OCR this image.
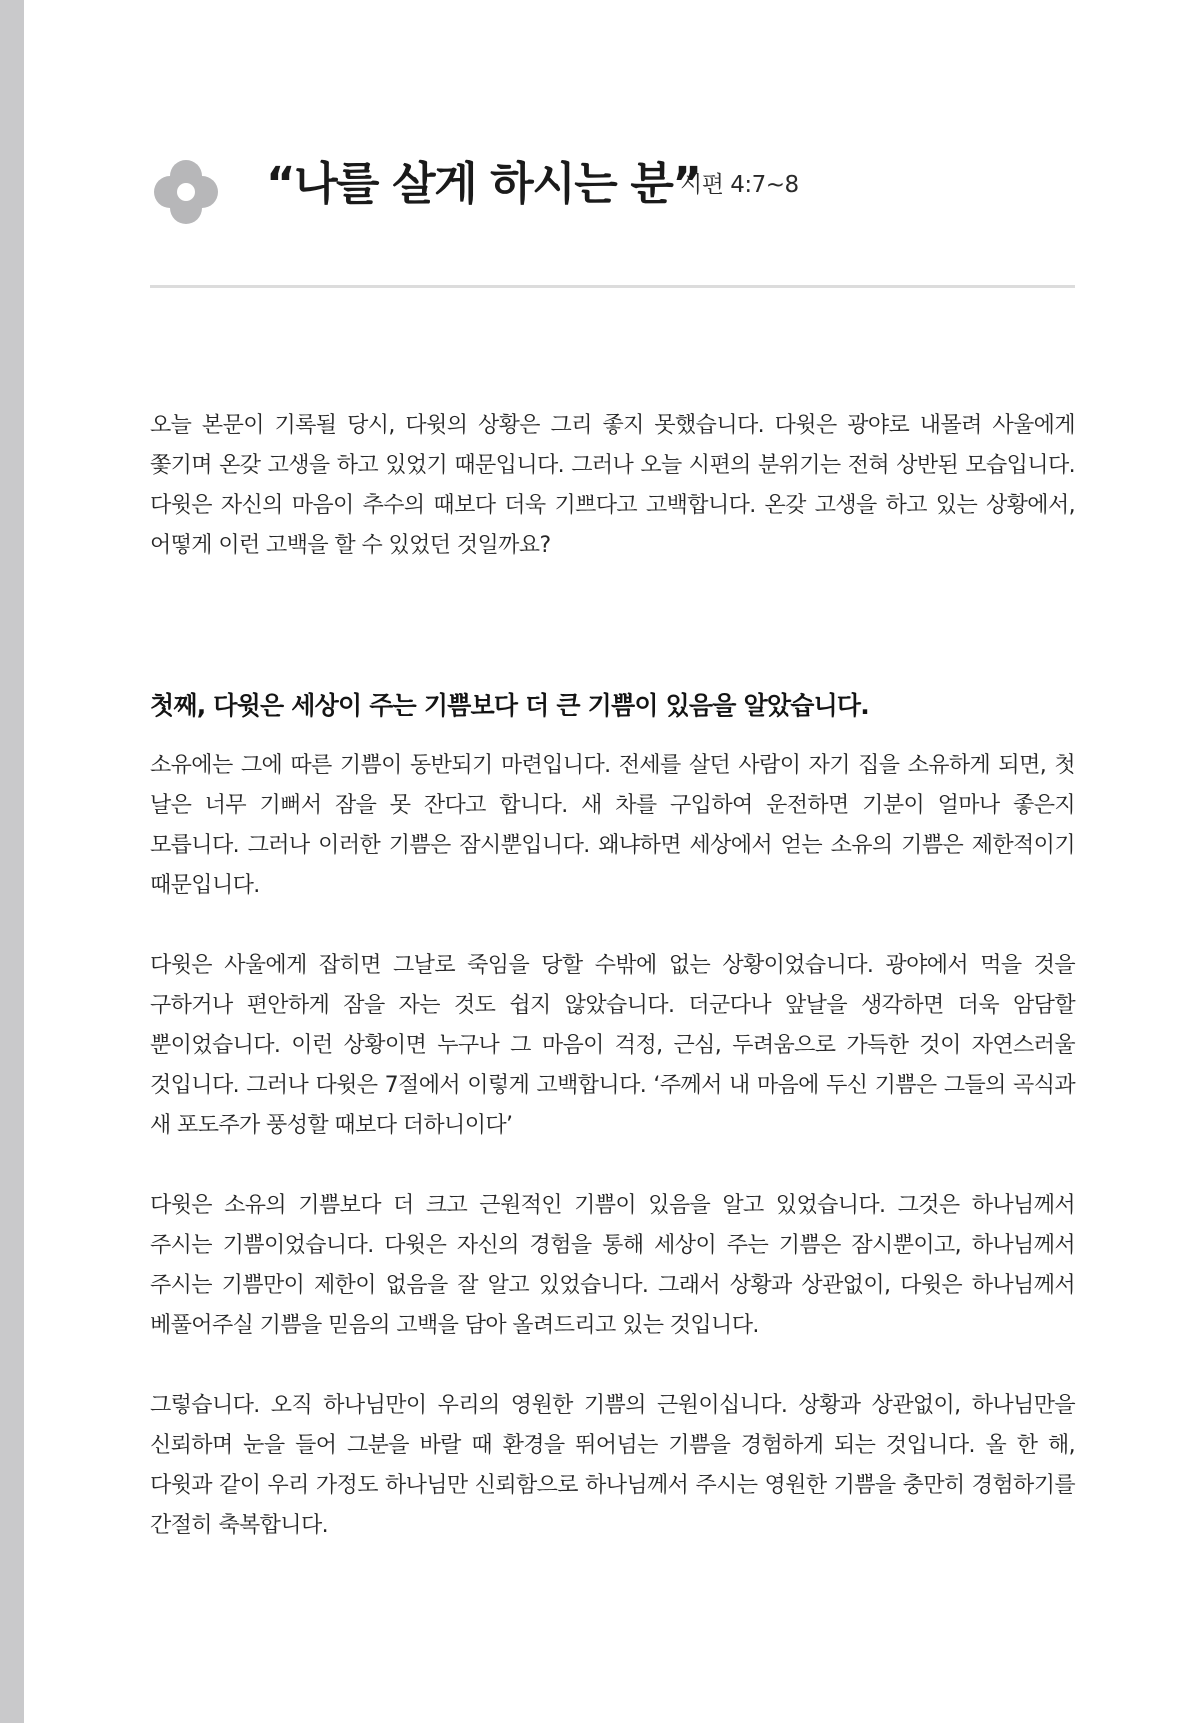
“나를 살게 하시는 분”
시편 4:7~8

오늘 본문이 기록될 당시, 다윗의 상황은 그리 좋지 못했습니다. 다윗은 광야로 내몰려 사울에게 쫓기며 온갖 고생을 하고 있었기 때문입니다. 그러나 오늘 시편의 분위기는 전혀 상반된 모습입니다. 다윗은 자신의 마음이 추수의 때보다 더욱 기쁘다고 고백합니다. 온갖 고생을 하고 있는 상황에서, 어떻게 이런 고백을 할 수 있었던 것일까요?

첫째, 다윗은 세상이 주는 기쁨보다 더 큰 기쁨이 있음을 알았습니다.

소유에는 그에 따른 기쁨이 동반되기 마련입니다. 전세를 살던 사람이 자기 집을 소유하게 되면, 첫 날은 너무 기뻐서 잠을 못 잔다고 합니다. 새 차를 구입하여 운전하면 기분이 얼마나 좋은지 모릅니다. 그러나 이러한 기쁨은 잠시뿐입니다. 왜냐하면 세상에서 얻는 소유의 기쁨은 제한적이기 때문입니다.

다윗은 사울에게 잡히면 그날로 죽임을 당할 수밖에 없는 상황이었습니다. 광야에서 먹을 것을 구하거나 편안하게 잠을 자는 것도 쉽지 않았습니다. 더군다나 앞날을 생각하면 더욱 암담할 뿐이었습니다. 이런 상황이면 누구나 그 마음이 걱정, 근심, 두려움으로 가득한 것이 자연스러울 것입니다. 그러나 다윗은 7절에서 이렇게 고백합니다. ‘주께서 내 마음에 두신 기쁨은 그들의 곡식과 새 포도주가 풍성할 때보다 더하니이다’

다윗은 소유의 기쁨보다 더 크고 근원적인 기쁨이 있음을 알고 있었습니다. 그것은 하나님께서 주시는 기쁨이었습니다. 다윗은 자신의 경험을 통해 세상이 주는 기쁨은 잠시뿐이고, 하나님께서 주시는 기쁨만이 제한이 없음을 잘 알고 있었습니다. 그래서 상황과 상관없이, 다윗은 하나님께서 베풀어주실 기쁨을 믿음의 고백을 담아 올려드리고 있는 것입니다.

그렇습니다. 오직 하나님만이 우리의 영원한 기쁨의 근원이십니다. 상황과 상관없이, 하나님만을 신뢰하며 눈을 들어 그분을 바랄 때 환경을 뛰어넘는 기쁨을 경험하게 되는 것입니다. 올 한 해, 다윗과 같이 우리 가정도 하나님만 신뢰함으로 하나님께서 주시는 영원한 기쁨을 충만히 경험하기를 간절히 축복합니다.
